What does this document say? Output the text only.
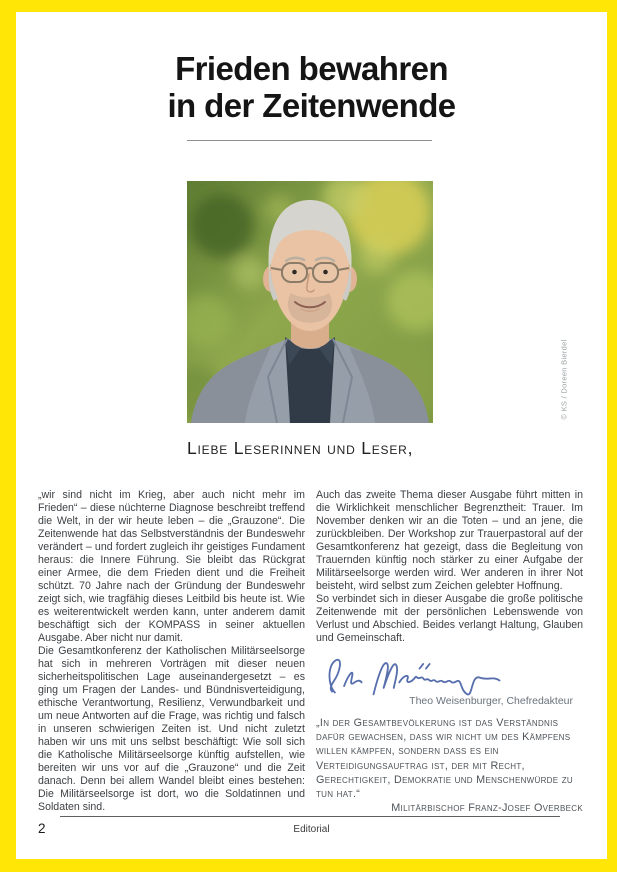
Frieden bewahren
in der Zeitenwende
© KS / Doreen Bierdel
Liebe Leserinnen und Leser,

„wir sind nicht im Krieg, aber auch nicht mehr im Frieden“ – diese nüchterne Diagnose beschreibt treffend die Welt, in der wir heute leben – die „Grauzone“. Die Zeitenwende hat das Selbstverständnis der Bundeswehr verändert – und fordert zugleich ihr geistiges Fundament heraus: die Innere Führung. Sie bleibt das Rückgrat einer Armee, die dem Frieden dient und die Freiheit schützt. 70 Jahre nach der Gründung der Bundeswehr zeigt sich, wie tragfähig dieses Leitbild bis heute ist. Wie es weiterentwickelt werden kann, unter anderem damit beschäftigt sich der KOMPASS in seiner aktuellen Ausgabe. Aber nicht nur damit.

Die Gesamtkonferenz der Katholischen Militärseelsorge hat sich in mehreren Vorträgen mit dieser neuen sicherheitspolitischen Lage auseinandergesetzt – es ging um Fragen der Landes- und Bündnisverteidigung, ethische Verantwortung, Resilienz, Verwundbarkeit und um neue Antworten auf die Frage, was richtig und falsch in unseren schwierigen Zeiten ist. Und nicht zuletzt haben wir uns mit uns selbst beschäftigt: Wie soll sich die Katholische Militärseelsorge künftig aufstellen, wie bereiten wir uns vor auf die „Grauzone“ und die Zeit danach. Denn bei allem Wandel bleibt eines bestehen: Die Militärseelsorge ist dort, wo die Soldatinnen und Soldaten sind.

Auch das zweite Thema dieser Ausgabe führt mitten in die Wirklichkeit menschlicher Begrenztheit: Trauer. Im November denken wir an die Toten – und an jene, die zurückbleiben. Der Workshop zur Trauerpastoral auf der Gesamtkonferenz hat gezeigt, dass die Begleitung von Trauernden künftig noch stärker zu einer Aufgabe der Militärseelsorge werden wird. Wer anderen in ihrer Not beisteht, wird selbst zum Zeichen gelebter Hoffnung.

So verbindet sich in dieser Ausgabe die große politische Zeitenwende mit der persönlichen Lebenswende von Verlust und Abschied. Beides verlangt Haltung, Glauben und Gemeinschaft.

Theo Weisenburger, Chefredakteur
„In der Gesamtbevölkerung ist das Verständnis dafür gewachsen, dass wir nicht um des Kämpfens willen kämpfen, sondern dass es ein Verteidigungsauftrag ist, der mit Recht, Gerechtigkeit, Demokratie und Menschenwürde zu tun hat.“
Militärbischof Franz-Josef Overbeck
2	Editorial
